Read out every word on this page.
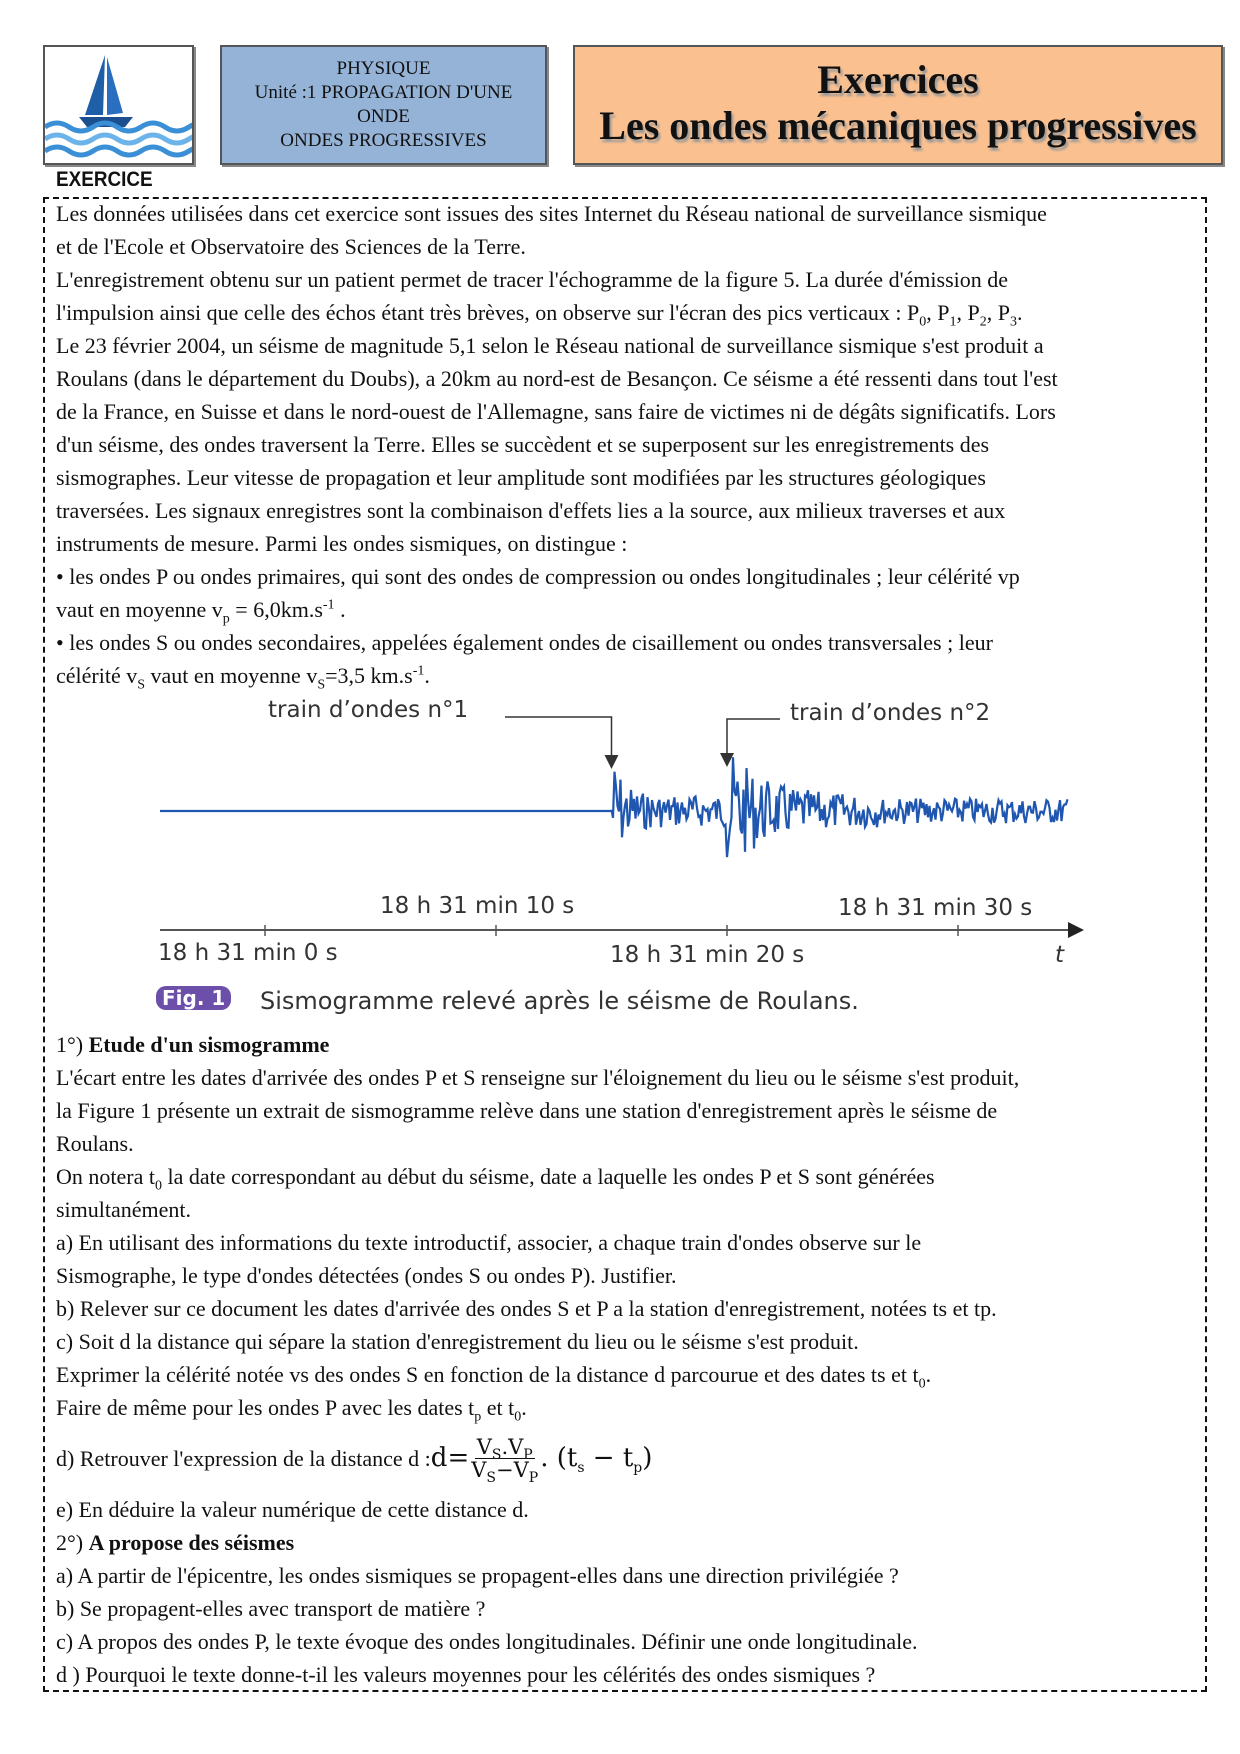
PHYSIQUE
Unité :1 PROPAGATION D'UNE
ONDE
ONDES PROGRESSIVES
Exercices
Les ondes mécaniques progressives
EXERCICE
Les données utilisées dans cet exercice sont issues des sites Internet du Réseau national de surveillance sismique
et de l'Ecole et Observatoire des Sciences de la Terre.
L'enregistrement obtenu sur un patient permet de tracer l'échogramme de la figure 5. La durée d'émission de
l'impulsion ainsi que celle des échos étant très brèves, on observe sur l'écran des pics verticaux : $P_0$, $P_1$, $P_2$, $P_3$.
Le 23 février 2004, un séisme de magnitude 5,1 selon le Réseau national de surveillance sismique s'est produit a
Roulans (dans le département du Doubs), a 20km au nord-est de Besançon. Ce séisme a été ressenti dans tout l'est
de la France, en Suisse et dans le nord-ouest de l'Allemagne, sans faire de victimes ni de dégâts significatifs. Lors
d'un séisme, des ondes traversent la Terre. Elles se succèdent et se superposent sur les enregistrements des
sismographes. Leur vitesse de propagation et leur amplitude sont modifiées par les structures géologiques
traversées. Les signaux enregistres sont la combinaison d'effets lies a la source, aux milieux traverses et aux
instruments de mesure. Parmi les ondes sismiques, on distingue :
• les ondes P ou ondes primaires, qui sont des ondes de compression ou ondes longitudinales ; leur célérité vp
vaut en moyenne $v_p = 6,0km.s^{-1}$ .
• les ondes S ou ondes secondaires, appelées également ondes de cisaillement ou ondes transversales ; leur
célérité $v_S$ vaut en moyenne $v_S=3,5$ $km.s^{-1}$.
train d’ondes n°1	train d’ondes n°2
18 h 31 min 10 s	18 h 31 min 30 s
18 h 31 min 0 s	18 h 31 min 20 s	t
Fig. 1 Sismogramme relevé après le séisme de Roulans.
1°) Etude d'un sismogramme
L'écart entre les dates d'arrivée des ondes P et S renseigne sur l'éloignement du lieu ou le séisme s'est produit,
la Figure 1 présente un extrait de sismogramme relève dans une station d'enregistrement après le séisme de
Roulans.
On notera $t_0$ la date correspondant au début du séisme, date a laquelle les ondes P et S sont générées
simultanément.
a) En utilisant des informations du texte introductif, associer, a chaque train d'ondes observe sur le
Sismographe, le type d'ondes détectées (ondes S ou ondes P). Justifier.
b) Relever sur ce document les dates d'arrivée des ondes S et P a la station d'enregistrement, notées ts et tp.
c) Soit d la distance qui sépare la station d'enregistrement du lieu ou le séisme s'est produit.
Exprimer la célérité notée vs des ondes S en fonction de la distance d parcourue et des dates ts et $t_0$.
Faire de même pour les ondes P avec les dates $t_p$ et $t_0$.
d) Retrouver l'expression de la distance d : $d= \frac{V_S.V_P}{V_S-V_P}$ . $(t_s - t_p)$
e) En déduire la valeur numérique de cette distance d.
2°) A propose des séismes
a) A partir de l'épicentre, les ondes sismiques se propagent-elles dans une direction privilégiée ?
b) Se propagent-elles avec transport de matière ?
c) A propos des ondes P, le texte évoque des ondes longitudinales. Définir une onde longitudinale.
d ) Pourquoi le texte donne-t-il les valeurs moyennes pour les célérités des ondes sismiques ?
